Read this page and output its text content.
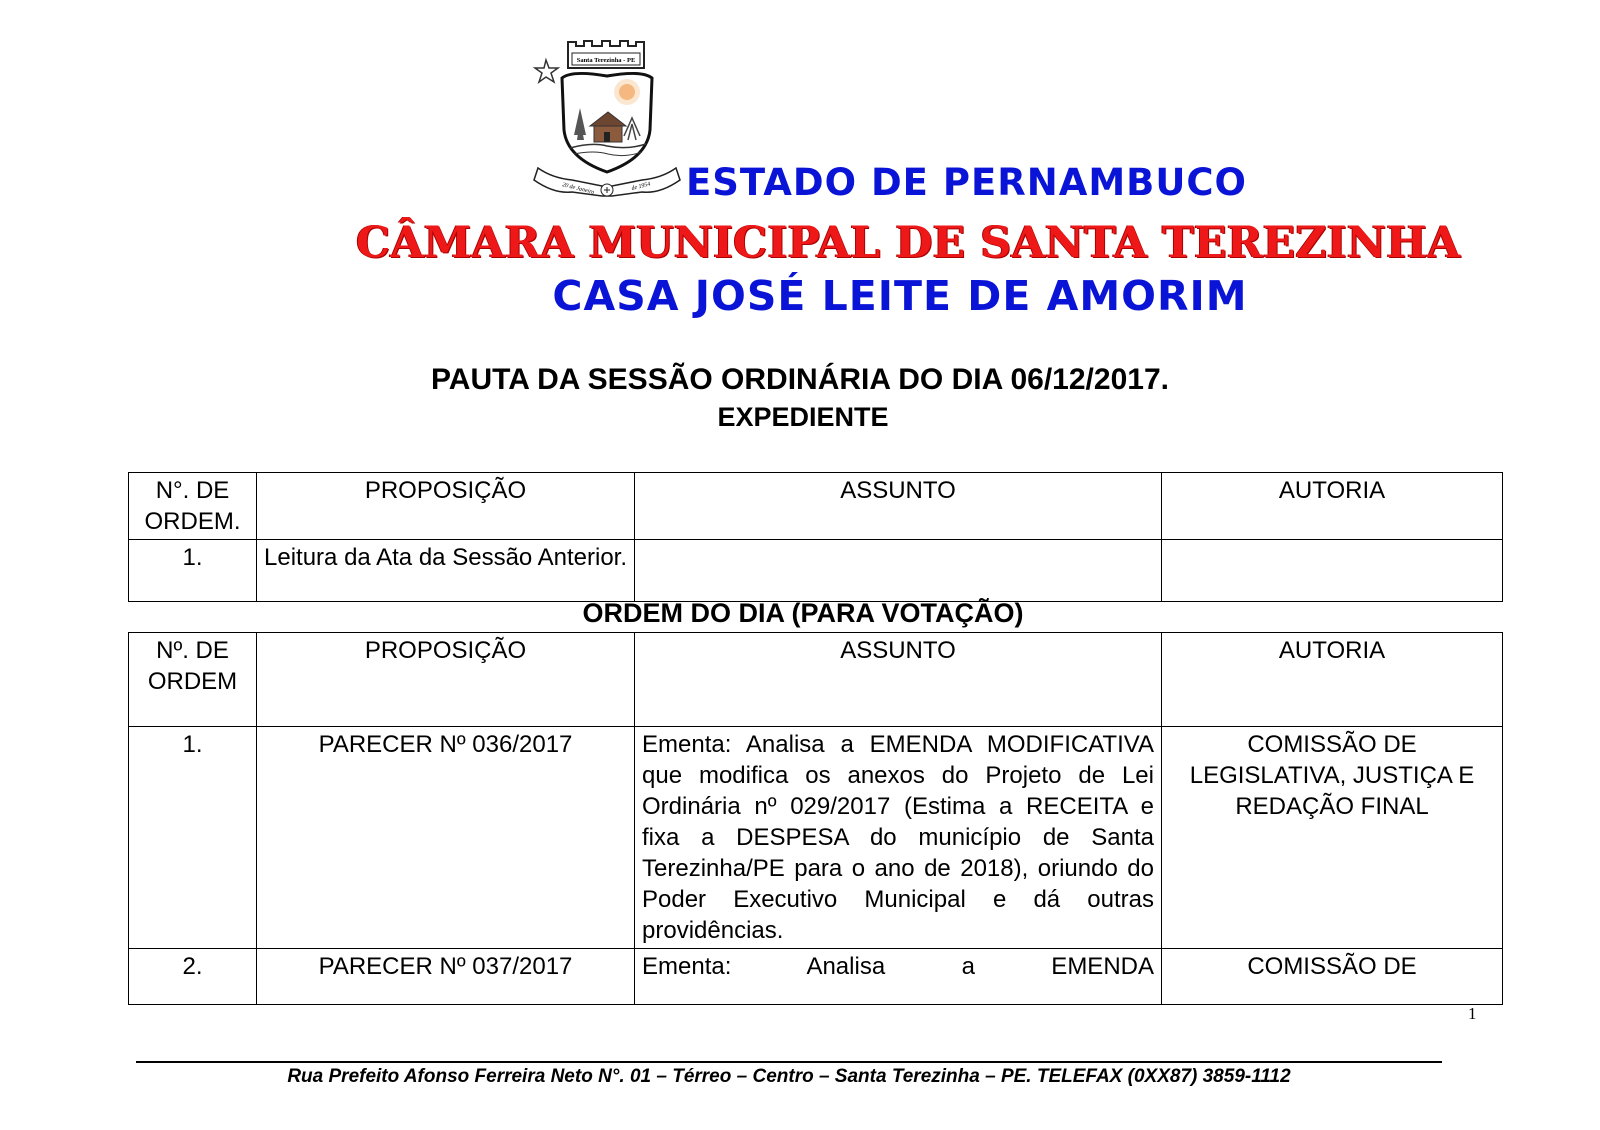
Santa Terezinha - PE
20 de Janeiro	de 1954 ESTADO DE PERNAMBUCO
CÂMARA MUNICIPAL DE SANTA TEREZINHA
CASA JOSÉ LEITE DE AMORIM
PAUTA DA SESSÃO ORDINÁRIA DO DIA 06/12/2017.
EXPEDIENTE
N°. DE ORDEM.	PROPOSIÇÃO	ASSUNTO	AUTORIA
1.	Leitura da Ata da Sessão Anterior.		
ORDEM DO DIA (PARA VOTAÇÃO)
Nº. DE ORDEM	PROPOSIÇÃO	ASSUNTO	AUTORIA
1.	PARECER Nº 036/2017	Ementa: Analisa a EMENDA MODIFICATIVA que modifica os anexos do Projeto de Lei Ordinária nº 029/2017 (Estima a RECEITA e fixa a DESPESA do município de Santa Terezinha/PE para o ano de 2018), oriundo do Poder Executivo Municipal e dá outras providências.	COMISSÃO DE LEGISLATIVA, JUSTIÇA E REDAÇÃO FINAL
2.	PARECER Nº 037/2017	Ementa: Analisa a EMENDA	COMISSÃO DE
1
Rua Prefeito Afonso Ferreira Neto N°. 01 – Térreo – Centro – Santa Terezinha – PE. TELEFAX (0XX87) 3859-1112
